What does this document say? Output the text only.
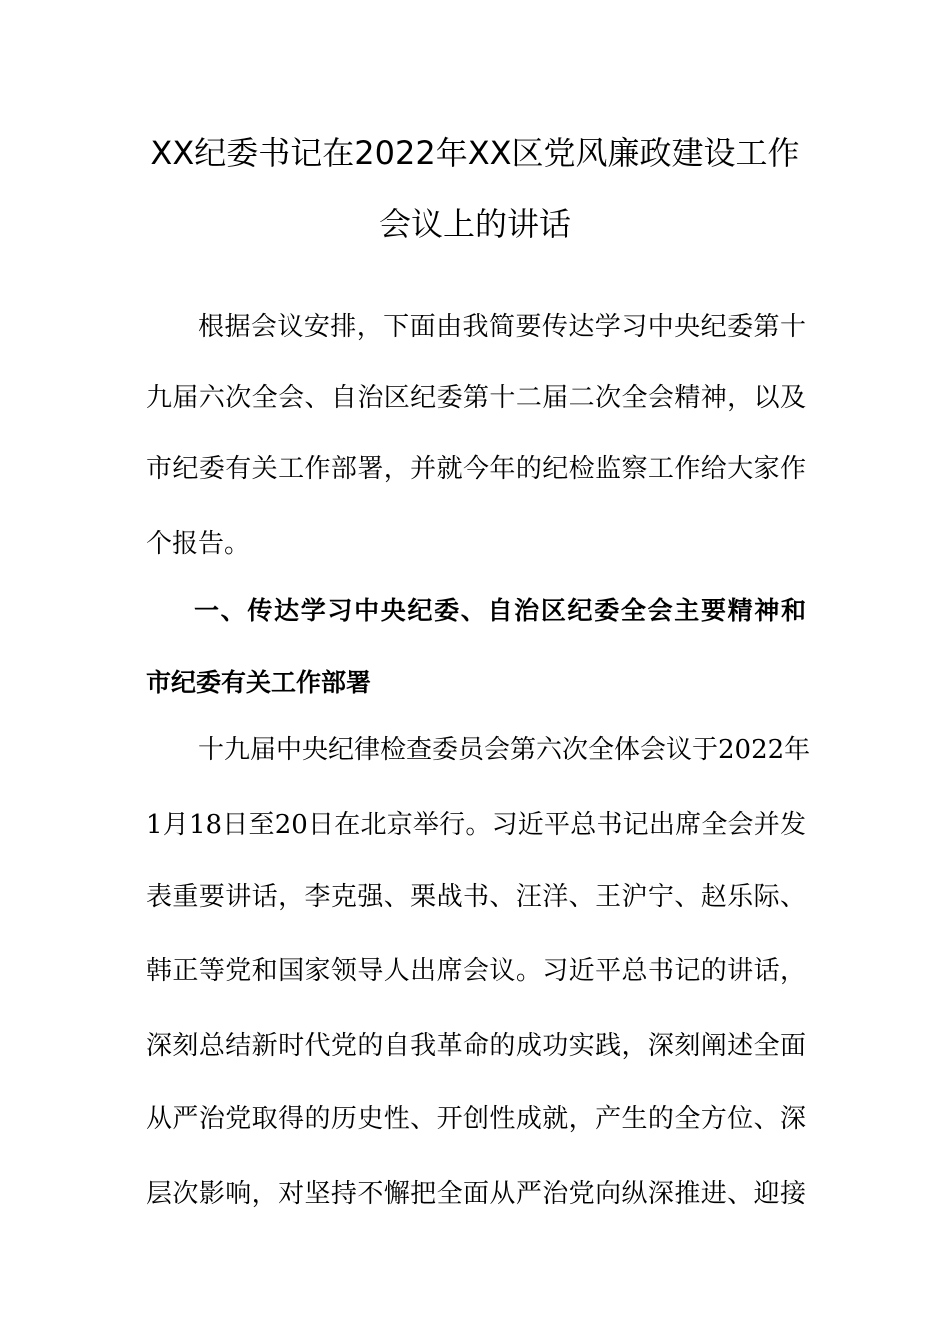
XX纪委书记在2022年XX区党风廉政建设工作
会议上的讲话

根据会议安排，下面由我简要传达学习中央纪委第十

九届六次全会、自治区纪委第十二届二次全会精神，以及

市纪委有关工作部署，并就今年的纪检监察工作给大家作

个报告。

一、传达学习中央纪委、自治区纪委全会主要精神和
市纪委有关工作部署

十九届中央纪律检查委员会第六次全体会议于2022年

1月18日至20日在北京举行。习近平总书记出席全会并发

表重要讲话，李克强、栗战书、汪洋、王沪宁、赵乐际、

韩正等党和国家领导人出席会议。习近平总书记的讲话，

深刻总结新时代党的自我革命的成功实践，深刻阐述全面

从严治党取得的历史性、开创性成就，产生的全方位、深

层次影响，对坚持不懈把全面从严治党向纵深推进、迎接
